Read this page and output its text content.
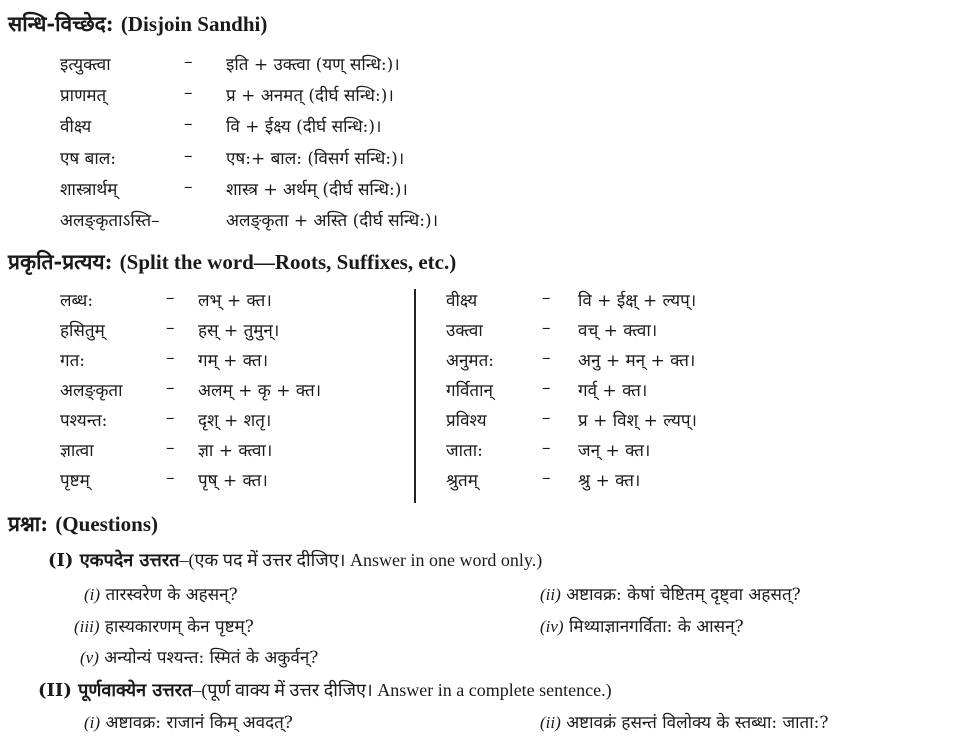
सन्धि-विच्छेद: (Disjoin Sandhi)
इत्युक्त्वा	– इति + उक्त्वा (यण् सन्धि:)।
प्राणमत्	– प्र + अनमत् (दीर्घ सन्धि:)।
वीक्ष्य	– वि + ईक्ष्य (दीर्घ सन्धि:)।
एष बाल:	– एष:+ बाल: (विसर्ग सन्धि:)।
शास्त्रार्थम्	– शास्त्र + अर्थम् (दीर्घ सन्धि:)।
अलङ्कृताऽस्ति–	अलङ्कृता + अस्ति (दीर्घ सन्धि:)।
प्रकृति-प्रत्यय: (Split the word—Roots, Suffixes, etc.)
लब्ध:	– लभ् + क्त।
हसितुम्	– हस् + तुमुन्।
गत:	– गम् + क्त।
अलङ्कृता	– अलम् + कृ + क्त।
पश्यन्त:	– दृश् + शतृ।
ज्ञात्वा	– ज्ञा + क्त्वा।
पृष्टम्	– पृष् + क्त।
वीक्ष्य	– वि + ईक्ष् + ल्यप्।
उक्त्वा	– वच् + क्त्वा।
अनुमत:	– अनु + मन् + क्त।
गर्वितान्	– गर्व् + क्त।
प्रविश्य	– प्र + विश् + ल्यप्।
जाता:	– जन् + क्त।
श्रुतम्	– श्रु + क्त।
प्रश्ना: (Questions)
(I) एकपदेन उत्तरत–(एक पद में उत्तर दीजिए। Answer in one word only.)
(i) तारस्वरेण के अहसन्?	(ii) अष्टावक्र: केषां चेष्टितम् दृष्ट्वा अहसत्?
(iii) हास्यकारणम् केन पृष्टम्?	(iv) मिथ्याज्ञानगर्विता: के आसन्?
(v) अन्योन्यं पश्यन्त: स्मितं के अकुर्वन्?
(II) पूर्णवाक्येन उत्तरत–(पूर्ण वाक्य में उत्तर दीजिए। Answer in a complete sentence.)
(i) अष्टावक्र: राजानं किम् अवदत्?	(ii) अष्टावक्रं हसन्तं विलोक्य के स्तब्धा: जाता:?
